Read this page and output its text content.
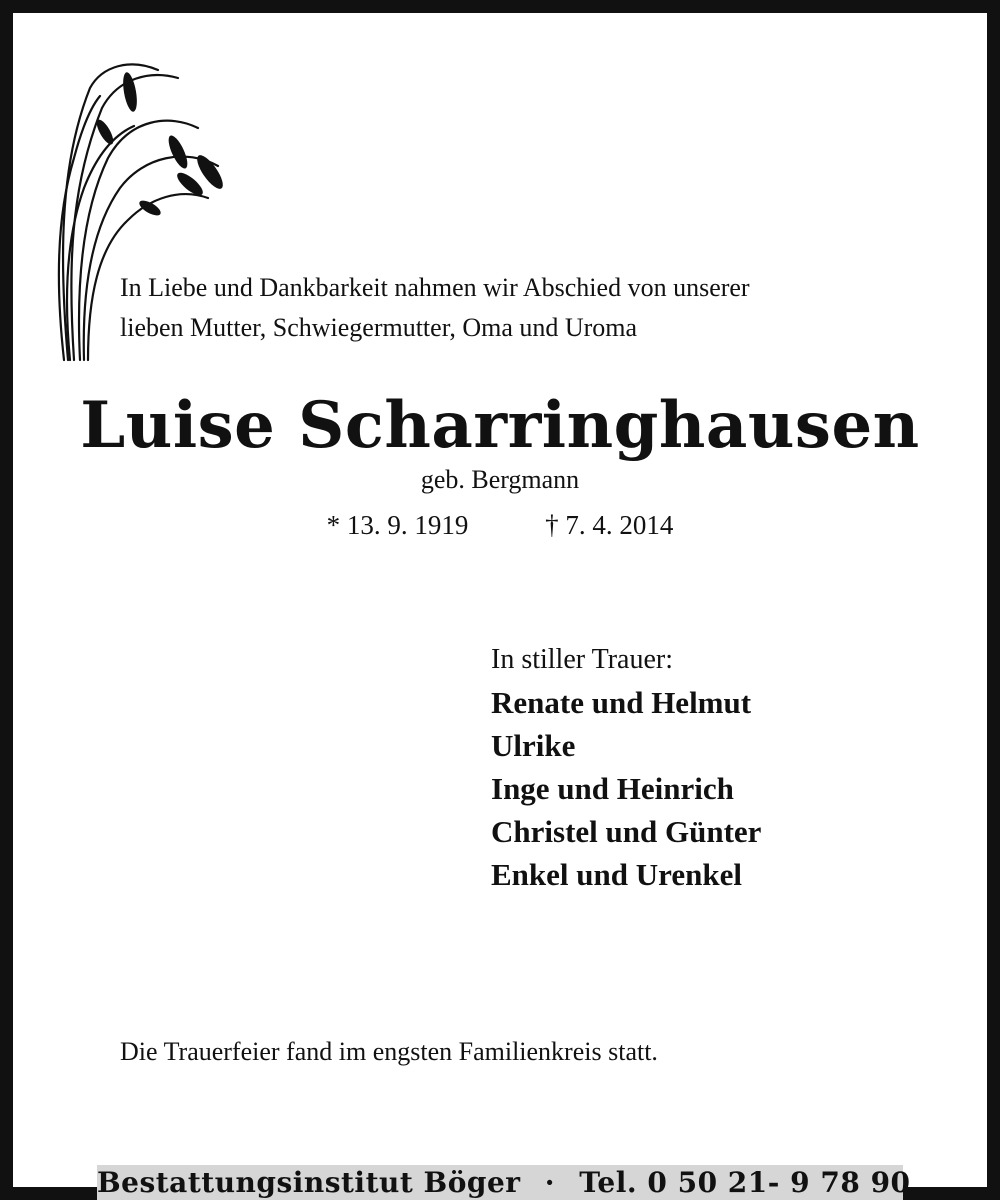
In Liebe und Dankbarkeit nahmen wir Abschied von unserer
lieben Mutter, Schwiegermutter, Oma und Uroma
Luise Scharringhausen
geb. Bergmann
* 13. 9. 1919	† 7. 4. 2014
In stiller Trauer:
Renate und Helmut
Ulrike
Inge und Heinrich
Christel und Günter
Enkel und Urenkel
Die Trauerfeier fand im engsten Familienkreis statt.
Bestattungsinstitut Böger · Tel. 0 50 21- 9 78 90
